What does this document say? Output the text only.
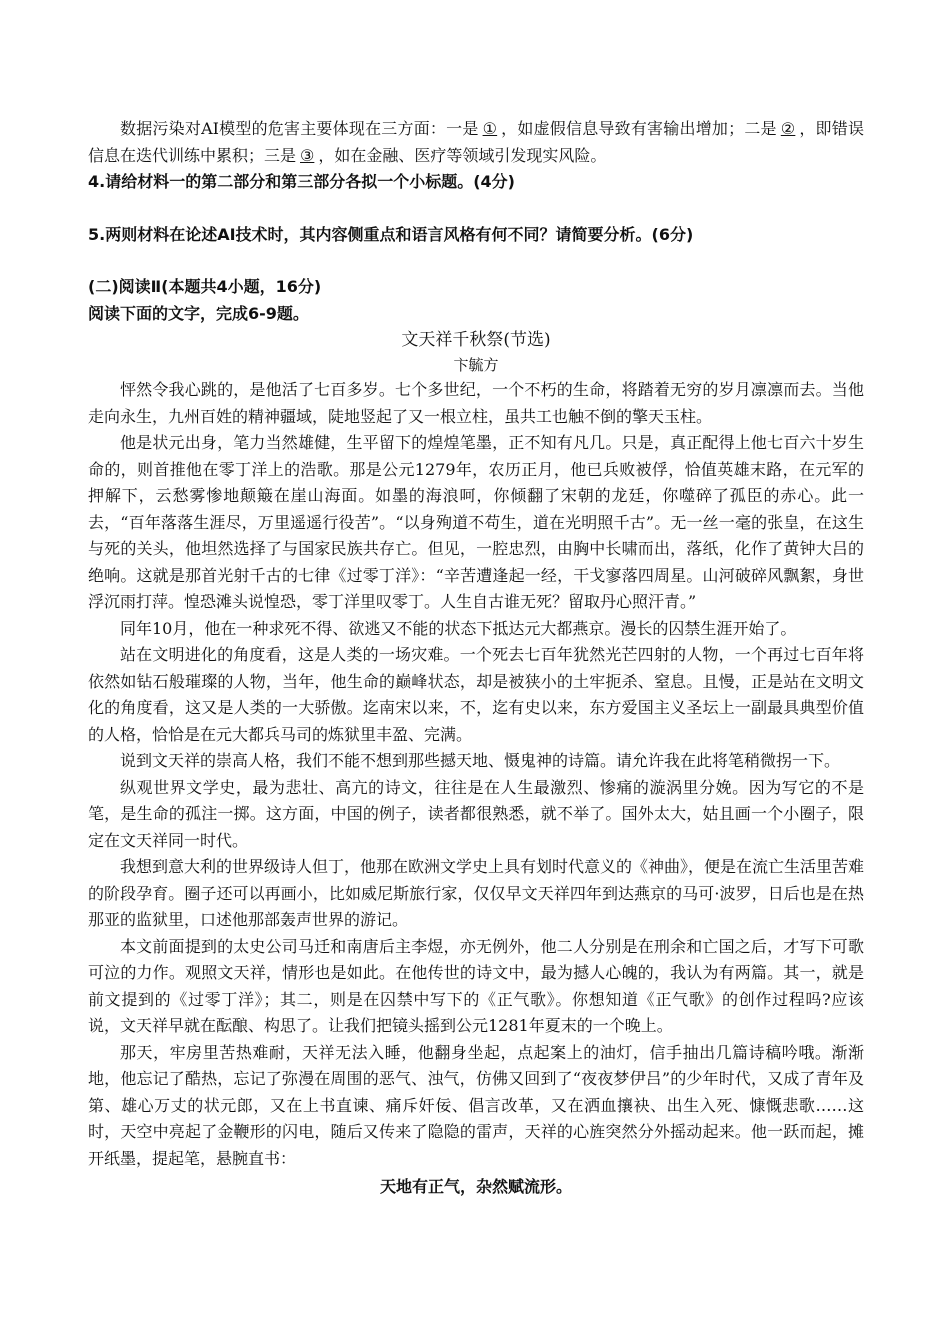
数据污染对AI模型的危害主要体现在三方面：一是 ① ，如虚假信息导致有害输出增加；二是 ② ，即错误信息在迭代训练中累积；三是 ③ ，如在金融、医疗等领域引发现实风险。

4.请给材料一的第二部分和第三部分各拟一个小标题。(4分)

5.两则材料在论述AI技术时，其内容侧重点和语言风格有何不同？请简要分析。(6分)

(二)阅读Ⅱ(本题共4小题，16分)

阅读下面的文字，完成6-9题。

文天祥千秋祭(节选)

卞毓方

怦然令我心跳的，是他活了七百多岁。七个多世纪，一个不朽的生命，将踏着无穷的岁月凛凛而去。当他走向永生，九州百姓的精神疆域，陡地竖起了又一根立柱，虽共工也触不倒的擎天玉柱。

他是状元出身，笔力当然雄健，生平留下的煌煌笔墨，正不知有凡几。只是，真正配得上他七百六十岁生命的，则首推他在零丁洋上的浩歌。那是公元1279年，农历正月，他已兵败被俘，恰值英雄末路，在元军的押解下，云愁雾惨地颠簸在崖山海面。如墨的海浪呵，你倾翻了宋朝的龙廷，你噬碎了孤臣的赤心。此一去，“百年落落生涯尽，万里遥遥行役苦”。“以身殉道不苟生，道在光明照千古”。无一丝一毫的张皇，在这生与死的关头，他坦然选择了与国家民族共存亡。但见，一腔忠烈，由胸中长啸而出，落纸，化作了黄钟大吕的绝响。这就是那首光射千古的七律《过零丁洋》：“辛苦遭逢起一经，干戈寥落四周星。山河破碎风飘絮，身世浮沉雨打萍。惶恐滩头说惶恐，零丁洋里叹零丁。人生自古谁无死？留取丹心照汗青。”

同年10月，他在一种求死不得、欲逃又不能的状态下抵达元大都燕京。漫长的囚禁生涯开始了。

站在文明进化的角度看，这是人类的一场灾难。一个死去七百年犹然光芒四射的人物，一个再过七百年将依然如钻石般璀璨的人物，当年，他生命的巅峰状态，却是被狭小的土牢扼杀、窒息。且慢，正是站在文明文化的角度看，这又是人类的一大骄傲。迄南宋以来，不，迄有史以来，东方爱国主义圣坛上一副最具典型价值的人格，恰恰是在元大都兵马司的炼狱里丰盈、完满。

说到文天祥的崇高人格，我们不能不想到那些撼天地、慑鬼神的诗篇。请允许我在此将笔稍微拐一下。

纵观世界文学史，最为悲壮、高亢的诗文，往往是在人生最激烈、惨痛的漩涡里分娩。因为写它的不是笔，是生命的孤注一掷。这方面，中国的例子，读者都很熟悉，就不举了。国外太大，姑且画一个小圈子，限定在文天祥同一时代。

我想到意大利的世界级诗人但丁，他那在欧洲文学史上具有划时代意义的《神曲》，便是在流亡生活里苦难的阶段孕育。圈子还可以再画小，比如威尼斯旅行家，仅仅早文天祥四年到达燕京的马可·波罗，日后也是在热那亚的监狱里，口述他那部轰声世界的游记。

本文前面提到的太史公司马迁和南唐后主李煜，亦无例外，他二人分别是在刑余和亡国之后，才写下可歌可泣的力作。观照文天祥，情形也是如此。在他传世的诗文中，最为撼人心魄的，我认为有两篇。其一，就是前文提到的《过零丁洋》；其二，则是在囚禁中写下的《正气歌》。你想知道《正气歌》的创作过程吗?应该说，文天祥早就在酝酿、构思了。让我们把镜头摇到公元1281年夏末的一个晚上。

那天，牢房里苦热难耐，天祥无法入睡，他翻身坐起，点起案上的油灯，信手抽出几篇诗稿吟哦。渐渐地，他忘记了酷热，忘记了弥漫在周围的恶气、浊气，仿佛又回到了“夜夜梦伊吕”的少年时代，又成了青年及第、雄心万丈的状元郎，又在上书直谏、痛斥奸佞、倡言改革，又在洒血攘袂、出生入死、慷慨悲歌……这时，天空中亮起了金鞭形的闪电，随后又传来了隐隐的雷声，天祥的心旌突然分外摇动起来。他一跃而起，摊开纸墨，提起笔，悬腕直书：

天地有正气，杂然赋流形。
